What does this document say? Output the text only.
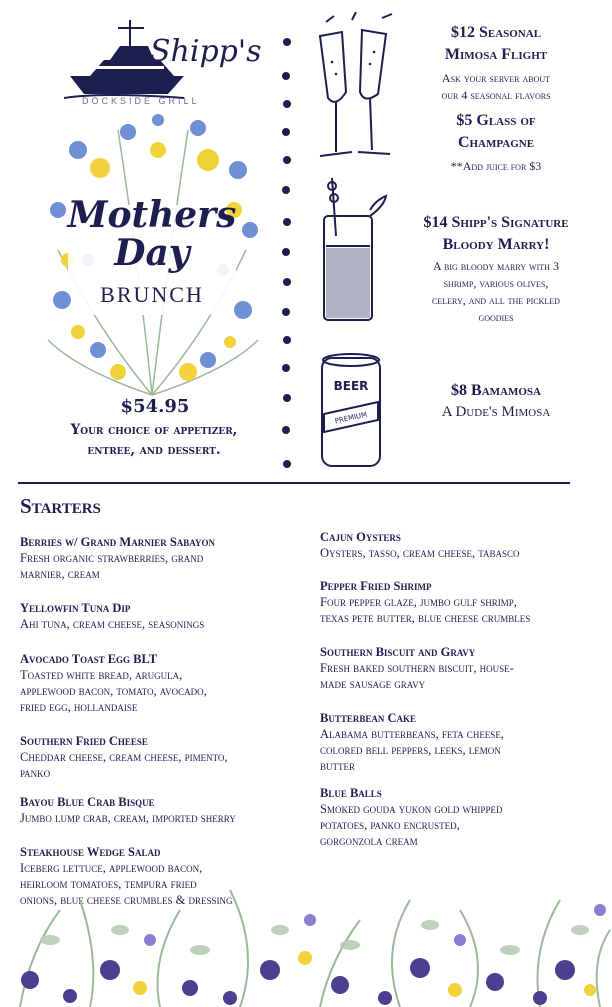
Shipp's
DOCKSIDE GRILL
Mothers
Day
BRUNCH
$54.95
Your choice of appetizer,
entree, and dessert.
BEER
PREMIUM
$12 Seasonal
Mimosa Flight
Ask your server about
our 4 seasonal flavors
$5 Glass of
Champagne
**Add juice for $3
$14 Shipp's Signature
Bloody Marry!
A big bloody marry with 3
shrimp, various olives,
celery, and all the pickled
goodies
$8 Bamamosa
A Dude's Mimosa
Starters
Berries w/ Grand Marnier Sabayon
Fresh organic strawberries, grand
marnier, cream
Yellowfin Tuna Dip
Ahi tuna, cream cheese, seasonings
Avocado Toast Egg BLT
Toasted white bread, arugula,
applewood bacon, tomato, avocado,
fried egg, hollandaise
Southern Fried Cheese
Cheddar cheese, cream cheese, pimento,
panko
Bayou Blue Crab Bisque
Jumbo lump crab, cream, imported sherry
Steakhouse Wedge Salad
Iceberg lettuce, applewood bacon,
heirloom tomatoes, tempura fried
onions, blue cheese crumbles & dressing
Cajun Oysters
Oysters, tasso, cream cheese, tabasco
Pepper Fried Shrimp
Four pepper glaze, jumbo gulf shrimp,
texas pete butter, blue cheese crumbles
Southern Biscuit and Gravy
Fresh baked southern biscuit, house-
made sausage gravy
Butterbean Cake
Alabama butterbeans, feta cheese,
colored bell peppers, leeks, lemon
butter
Blue Balls
Smoked gouda yukon gold whipped
potatoes, panko encrusted,
gorgonzola cream
